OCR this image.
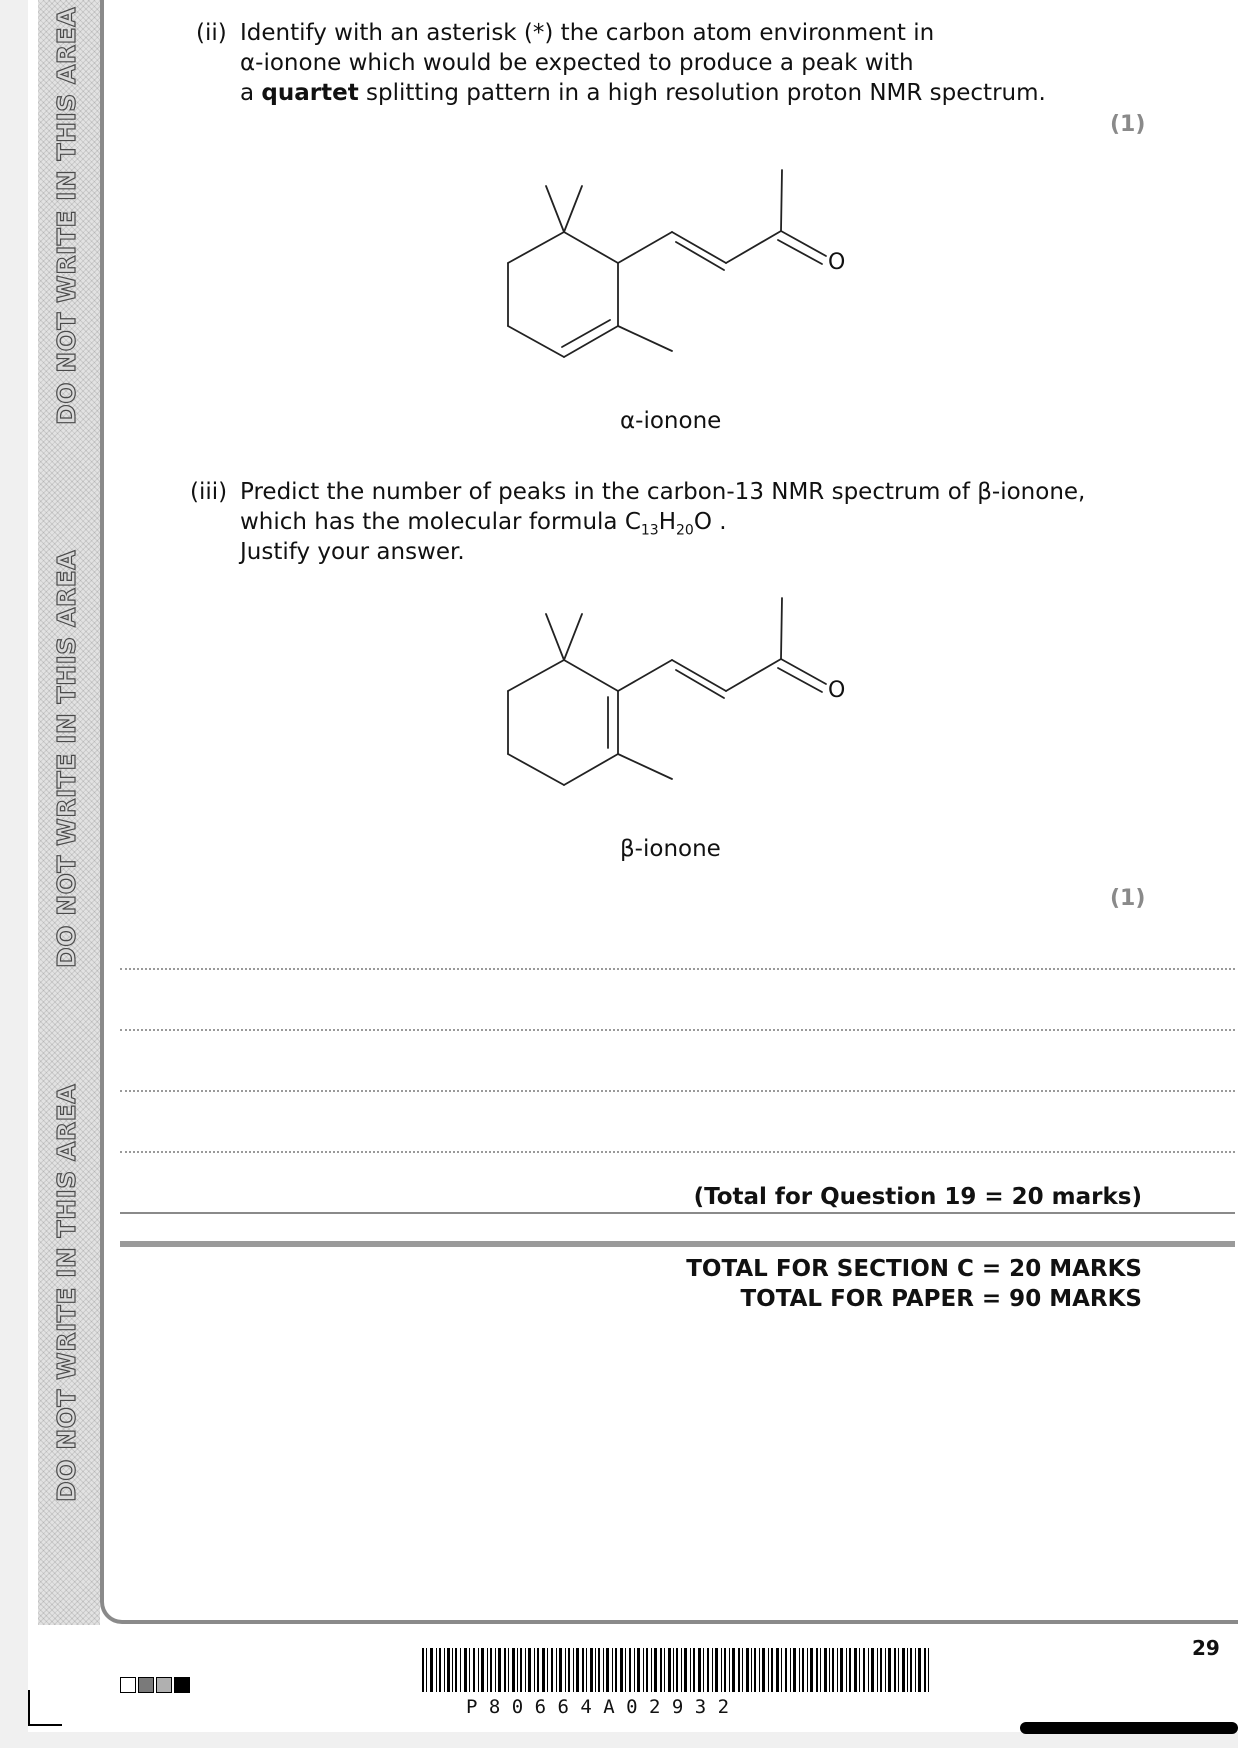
DO NOT WRITE IN THIS AREA
DO NOT WRITE IN THIS AREA
DO NOT WRITE IN THIS AREA
(ii) Identify with an asterisk (*) the carbon atom environment in
α-ionone which would be expected to produce a peak with
a quartet splitting pattern in a high resolution proton NMR spectrum.
(1)
O
O
α-ionone
(iii) Predict the number of peaks in the carbon-13 NMR spectrum of β-ionone,
which has the molecular formula $C_{13}H_{20}O$ .
Justify your answer.
β-ionone
(1)
(Total for Question 19 = 20 marks)
TOTAL FOR SECTION C = 20 MARKS
TOTAL FOR PAPER = 90 MARKS
29
P 8 0 6 6 4 A 0 2 9 3 2
